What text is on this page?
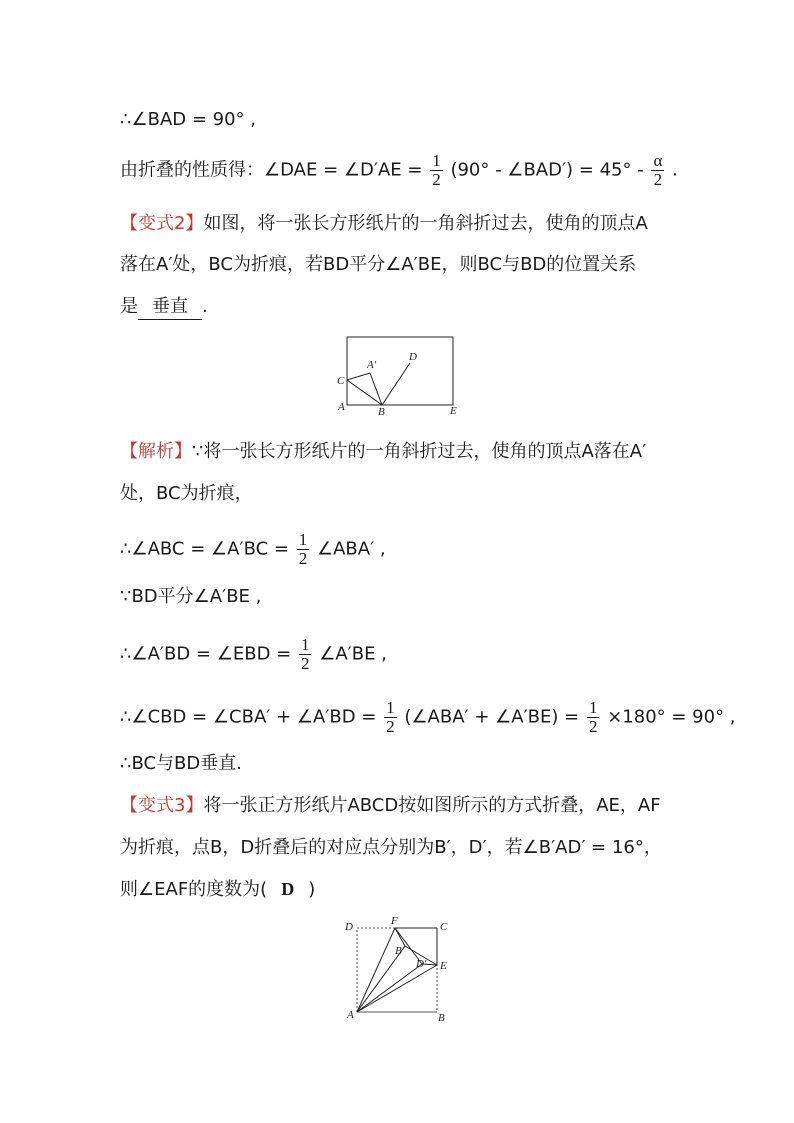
∴∠BAD = 90° ,
由折叠的性质得：∠DAE = ∠D′AE = $\frac{1}{2} (90^\circ$ - ∠BAD′) = $45^\circ - \frac{\alpha}{2}$ .
【变式2】如图，将一张长方形纸片的一角斜折过去，使角的顶点A
落在A′处，BC为折痕，若BD平分∠A′BE，则BC与BD的位置关系
是 垂直 .
C
A′
D
A	B	E
【解析】∵将一张长方形纸片的一角斜折过去，使角的顶点A落在A′
处，BC为折痕，
∴∠ABC = ∠A′BC = $\frac{1}{2}$ ∠ABA′ ,
∵BD平分∠A′BE ,
∴∠A′BD = ∠EBD = $\frac{1}{2}$ ∠A′BE ,
∴∠CBD = ∠CBA′ + ∠A′BD = $\frac{1}{2}$ (∠ABA′ + ∠A′BE) = $\frac{1}{2} \times 180^\circ = 90^\circ$ ,
∴BC与BD垂直.
【变式3】将一张正方形纸片ABCD按如图所示的方式折叠，AE，AF
为折痕，点B，D折叠后的对应点分别为B′，D′，若∠B′AD′ = 16°，
则∠EAF的度数为( D )
D	F	C
B′
D′ E
A	B
